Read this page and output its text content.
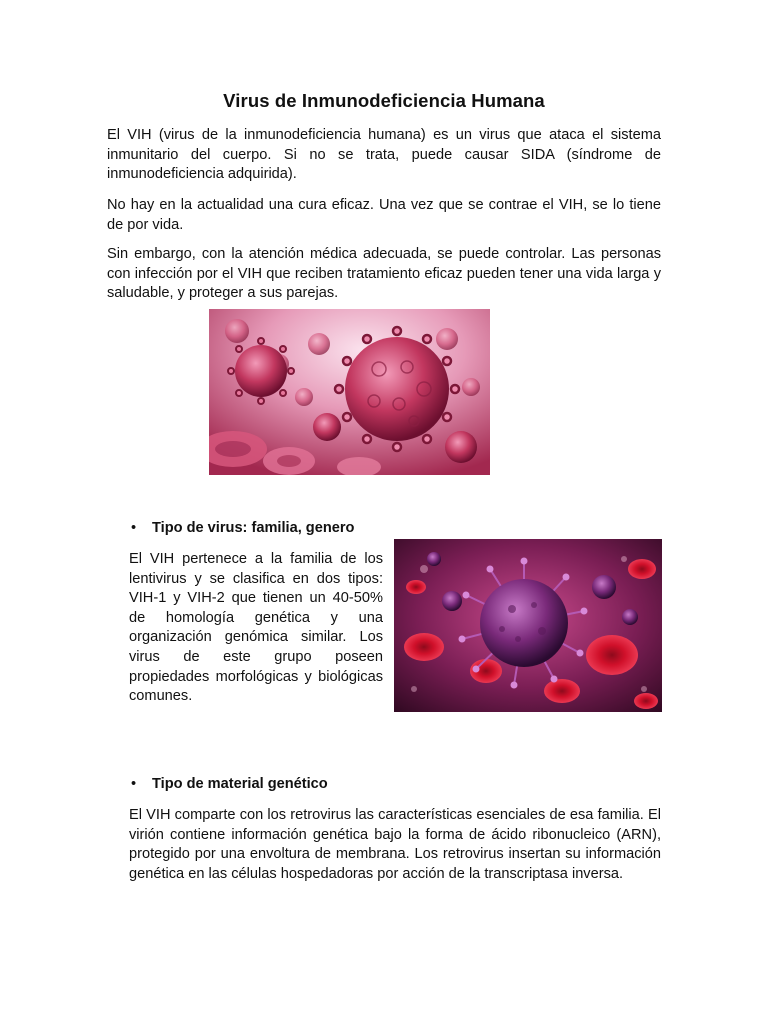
Virus de Inmunodeficiencia Humana

El VIH (virus de la inmunodeficiencia humana) es un virus que ataca el sistema inmunitario del cuerpo. Si no se trata, puede causar SIDA (síndrome de inmunodeficiencia adquirida).

No hay en la actualidad una cura eficaz. Una vez que se contrae el VIH, se lo tiene de por vida.

Sin embargo, con la atención médica adecuada, se puede controlar. Las personas con infección por el VIH que reciben tratamiento eficaz pueden tener una vida larga y saludable, y proteger a sus parejas.

• Tipo de virus: familia, genero

El VIH pertenece a la familia de los lentivirus y se clasifica en dos tipos: VIH-1 y VIH-2 que tienen un 40-50% de homología genética y una organización genómica similar. Los virus de este grupo poseen propiedades morfológicas y biológicas comunes.

• Tipo de material genético

El VIH comparte con los retrovirus las características esenciales de esa familia. El virión contiene información genética bajo la forma de ácido ribonucleico (ARN), protegido por una envoltura de membrana. Los retrovirus insertan su información genética en las células hospedadoras por acción de la transcriptasa inversa.
